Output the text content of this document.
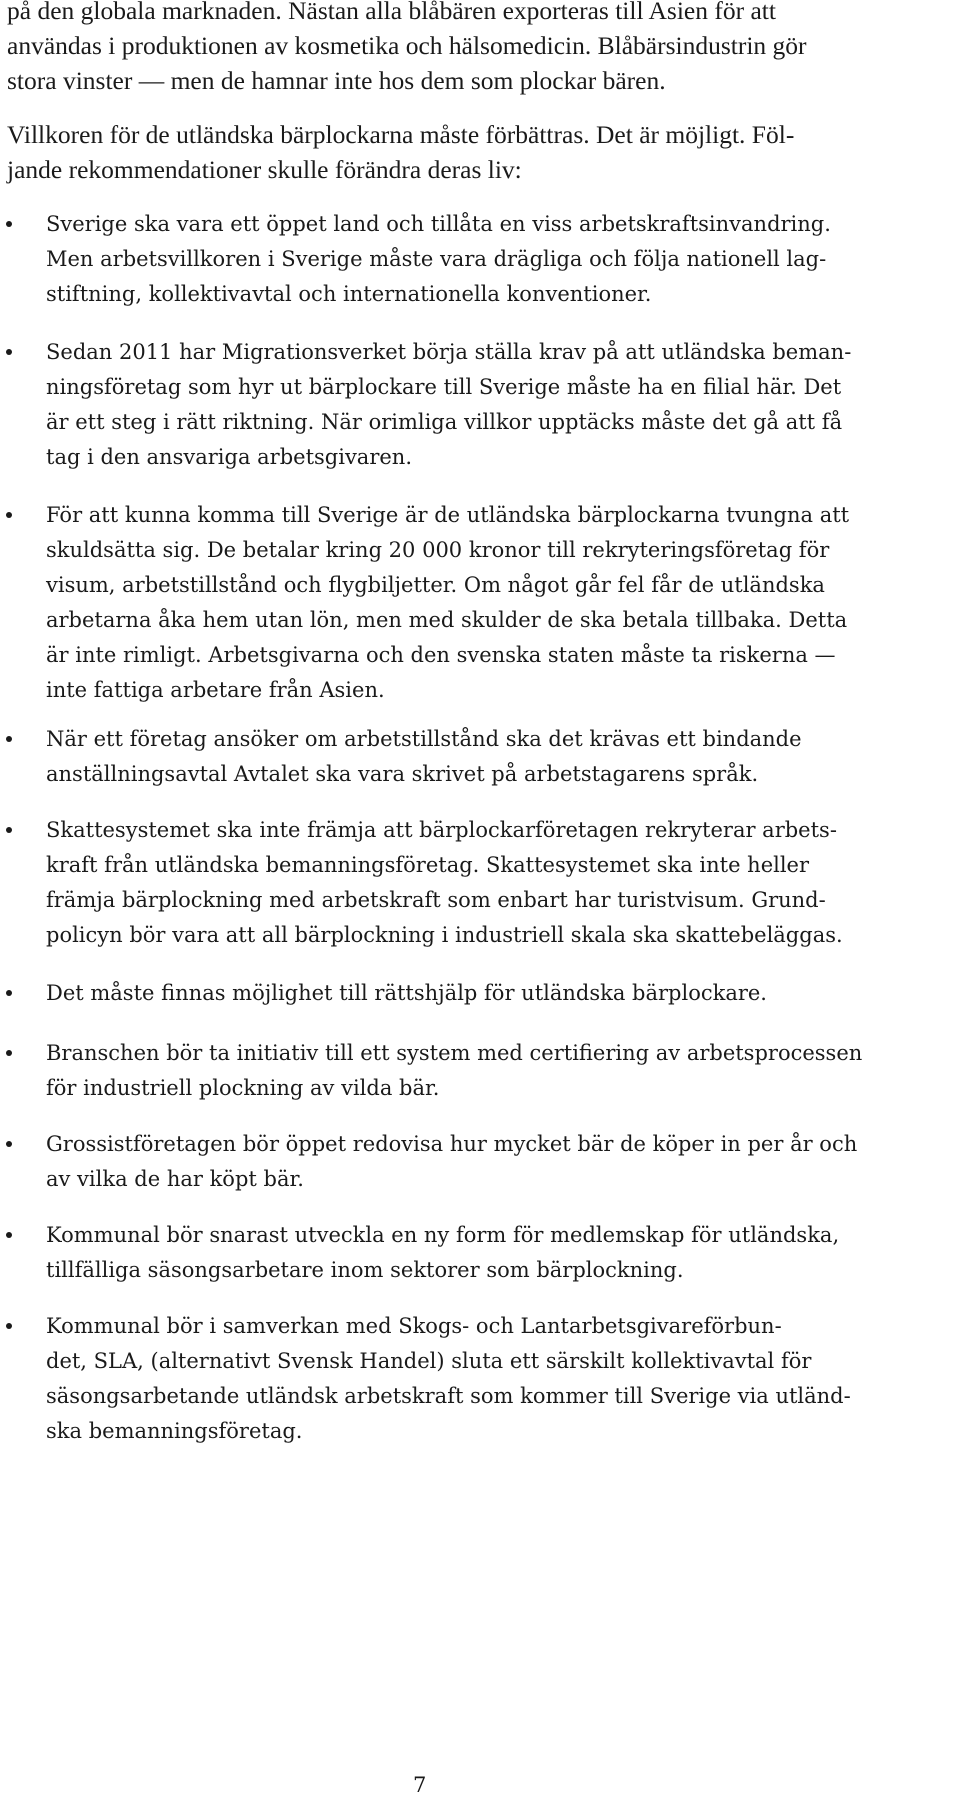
på den globala marknaden. Nästan alla blåbären exporteras till Asien för att
användas i produktionen av kosmetika och hälsomedicin. Blåbärsindustrin gör
stora vinster — men de hamnar inte hos dem som plockar bären.

Villkoren för de utländska bärplockarna måste förbättras. Det är möjligt. Föl-
jande rekommendationer skulle förändra deras liv:

Sverige ska vara ett öppet land och tillåta en viss arbetskraftsinvandring.
Men arbetsvillkoren i Sverige måste vara drägliga och följa nationell lag-
stiftning, kollektivavtal och internationella konventioner.
Sedan 2011 har Migrationsverket börja ställa krav på att utländska beman-
ningsföretag som hyr ut bärplockare till Sverige måste ha en filial här. Det
är ett steg i rätt riktning. När orimliga villkor upptäcks måste det gå att få
tag i den ansvariga arbetsgivaren.
För att kunna komma till Sverige är de utländska bärplockarna tvungna att
skuldsätta sig. De betalar kring 20 000 kronor till rekryteringsföretag för
visum, arbetstillstånd och flygbiljetter. Om något går fel får de utländska
arbetarna åka hem utan lön, men med skulder de ska betala tillbaka. Detta
är inte rimligt. Arbetsgivarna och den svenska staten måste ta riskerna —
inte fattiga arbetare från Asien.
När ett företag ansöker om arbetstillstånd ska det krävas ett bindande
anställningsavtal Avtalet ska vara skrivet på arbetstagarens språk.
Skattesystemet ska inte främja att bärplockarföretagen rekryterar arbets-
kraft från utländska bemanningsföretag. Skattesystemet ska inte heller
främja bärplockning med arbetskraft som enbart har turistvisum. Grund-
policyn bör vara att all bärplockning i industriell skala ska skattebeläggas.
Det måste finnas möjlighet till rättshjälp för utländska bärplockare.
Branschen bör ta initiativ till ett system med certifiering av arbetsprocessen
för industriell plockning av vilda bär.
Grossistföretagen bör öppet redovisa hur mycket bär de köper in per år och
av vilka de har köpt bär.
Kommunal bör snarast utveckla en ny form för medlemskap för utländska,
tillfälliga säsongsarbetare inom sektorer som bärplockning.
Kommunal bör i samverkan med Skogs- och Lantarbetsgivareförbun-
det, SLA, (alternativt Svensk Handel) sluta ett särskilt kollektivavtal för
säsongsarbetande utländsk arbetskraft som kommer till Sverige via utländ-
ska bemanningsföretag.
7
